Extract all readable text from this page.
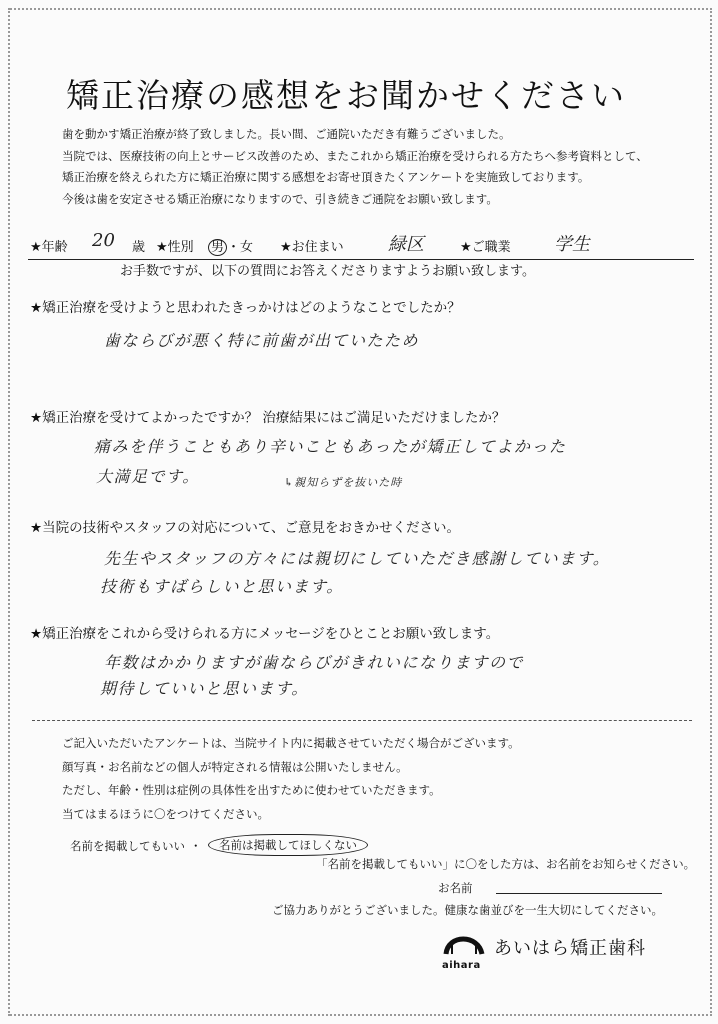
矯正治療の感想をお聞かせください
歯を動かす矯正治療が終了致しました。長い間、ご通院いただき有難うございました。
当院では、医療技術の向上とサービス改善のため、またこれから矯正治療を受けられる方たちへ参考資料として、
矯正治療を終えられた方に矯正治療に関する感想をお寄せ頂きたくアンケートを実施致しております。
今後は歯を安定させる矯正治療になりますので、引き続きご通院をお願い致します。
★年齢 20 歳 ★性別 男 ・女 ★お住まい 緑区	★ご職業 学生
お手数ですが、以下の質問にお答えくださりますようお願い致します。
★矯正治療を受けようと思われたきっかけはどのようなことでしたか？
歯ならびが悪く特に前歯が出ていたため
★矯正治療を受けてよかったですか？ 治療結果にはご満足いただけましたか？
痛みを伴うこともあり辛いこともあったが矯正してよかった
大満足です。	↳親知らずを抜いた時
★当院の技術やスタッフの対応について、ご意見をおきかせください。
先生やスタッフの方々には親切にしていただき感謝しています。
技術もすばらしいと思います。
★矯正治療をこれから受けられる方にメッセージをひとことお願い致します。
年数はかかりますが歯ならびがきれいになりますので
期待していいと思います。
ご記入いただいたアンケートは、当院サイト内に掲載させていただく場合がございます。
顔写真・お名前などの個人が特定される情報は公開いたしません。
ただし、年齢・性別は症例の具体性を出すために使わせていただきます。
当てはまるほうに〇をつけてください。
名前を掲載してもいい ・	名前は掲載してほしくない
「名前を掲載してもいい」に〇をした方は、お名前をお知らせください。
お名前
ご協力ありがとうございました。健康な歯並びを一生大切にしてください。
aihara
あいはら矯正歯科
